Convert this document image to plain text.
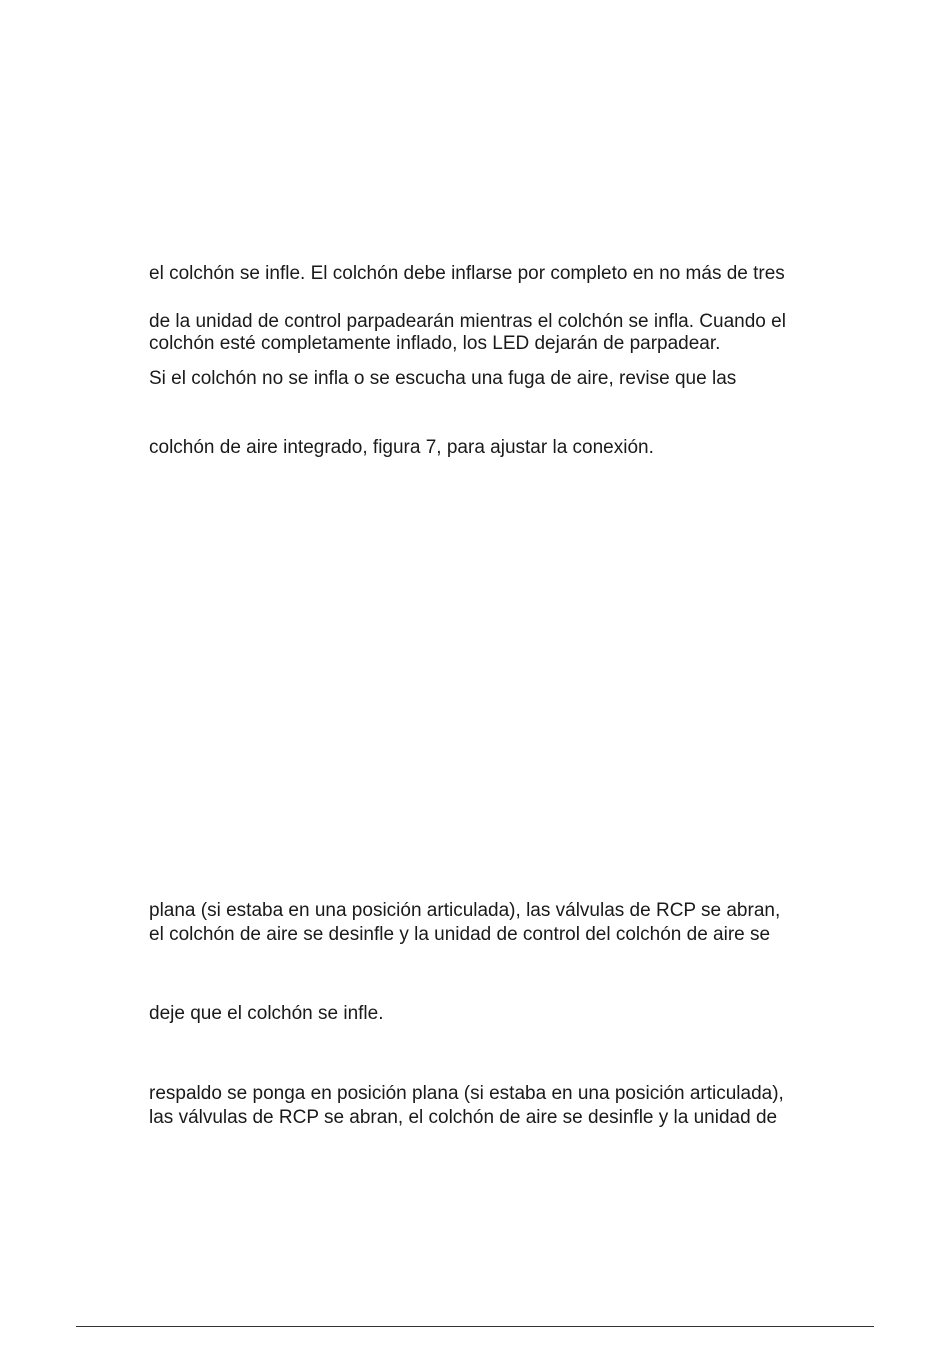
el colchón se infle. El colchón debe inflarse por completo en no más de tres

de la unidad de control parpadearán mientras el colchón se infla. Cuando el

colchón esté completamente inflado, los LED dejarán de parpadear.

Si el colchón no se infla o se escucha una fuga de aire, revise que las

colchón de aire integrado, figura 7, para ajustar la conexión.

plana (si estaba en una posición articulada), las válvulas de RCP se abran,

el colchón de aire se desinfle y la unidad de control del colchón de aire se

deje que el colchón se infle.

respaldo se ponga en posición plana (si estaba en una posición articulada),

las válvulas de RCP se abran, el colchón de aire se desinfle y la unidad de
